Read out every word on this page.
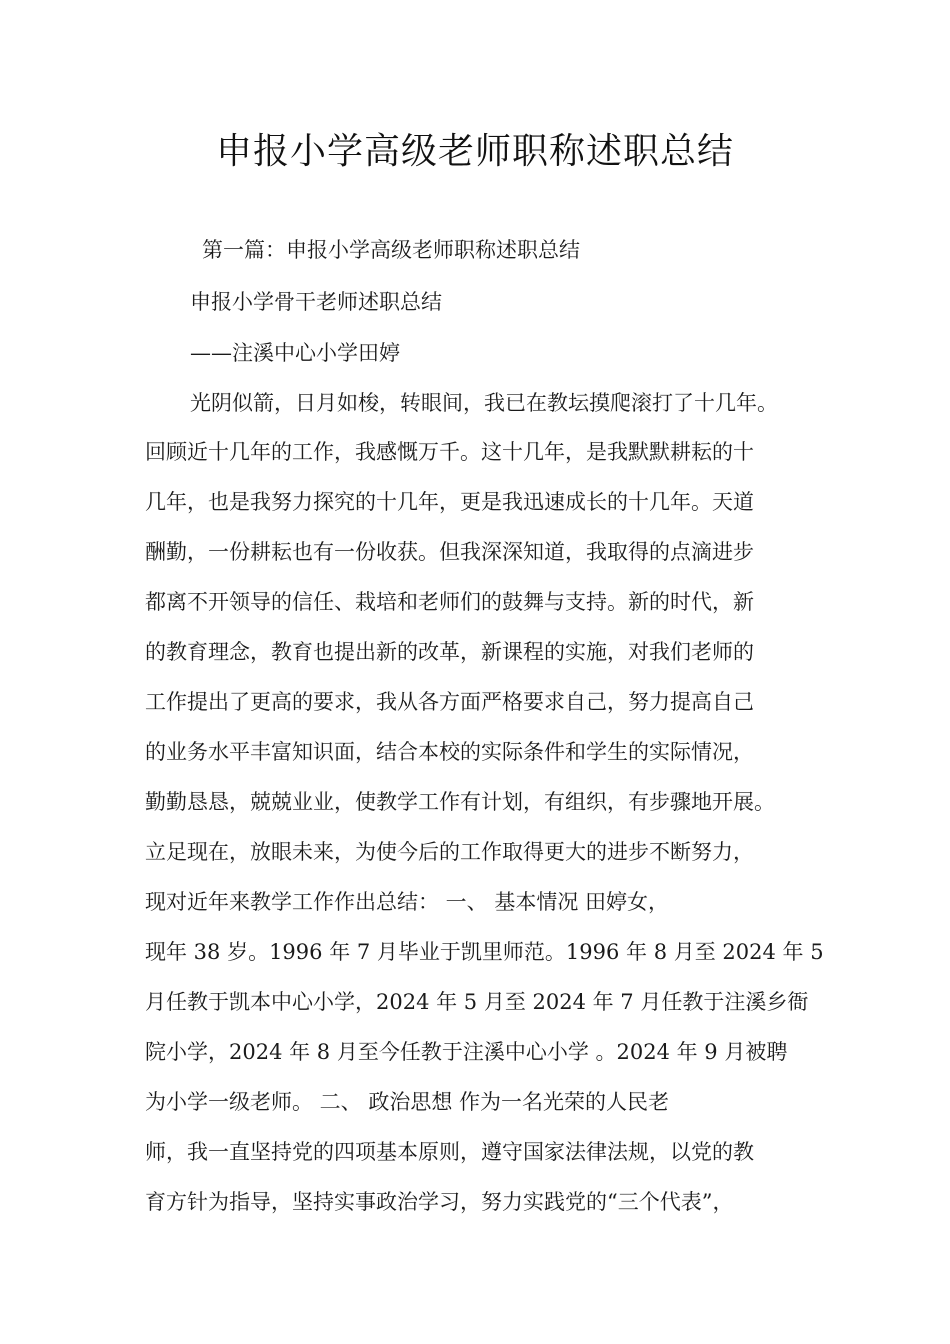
申报小学高级老师职称述职总结
第一篇：申报小学高级老师职称述职总结
申报小学骨干老师述职总结
——注溪中心小学田婷
光阴似箭，日月如梭，转眼间，我已在教坛摸爬滚打了十几年。
回顾近十几年的工作，我感慨万千。这十几年，是我默默耕耘的十
几年，也是我努力探究的十几年，更是我迅速成长的十几年。天道
酬勤，一份耕耘也有一份收获。但我深深知道，我取得的点滴进步
都离不开领导的信任、栽培和老师们的鼓舞与支持。新的时代，新
的教育理念，教育也提出新的改革，新课程的实施，对我们老师的
工作提出了更高的要求，我从各方面严格要求自己，努力提高自己
的业务水平丰富知识面，结合本校的实际条件和学生的实际情况，
勤勤恳恳，兢兢业业，使教学工作有计划，有组织，有步骤地开展。
立足现在，放眼未来，为使今后的工作取得更大的进步不断努力，
现对近年来教学工作作出总结： 一、 基本情况 田婷女，
现年 38 岁。1996 年 7 月毕业于凯里师范。1996 年 8 月至 2024 年 5
月任教于凯本中心小学，2024 年 5 月至 2024 年 7 月任教于注溪乡衙
院小学，2024 年 8 月至今任教于注溪中心小学 。2024 年 9 月被聘
为小学一级老师。 二、 政治思想 作为一名光荣的人民老
师，我一直坚持党的四项基本原则，遵守国家法律法规，以党的教
育方针为指导，坚持实事政治学习，努力实践党的“三个代表”，
